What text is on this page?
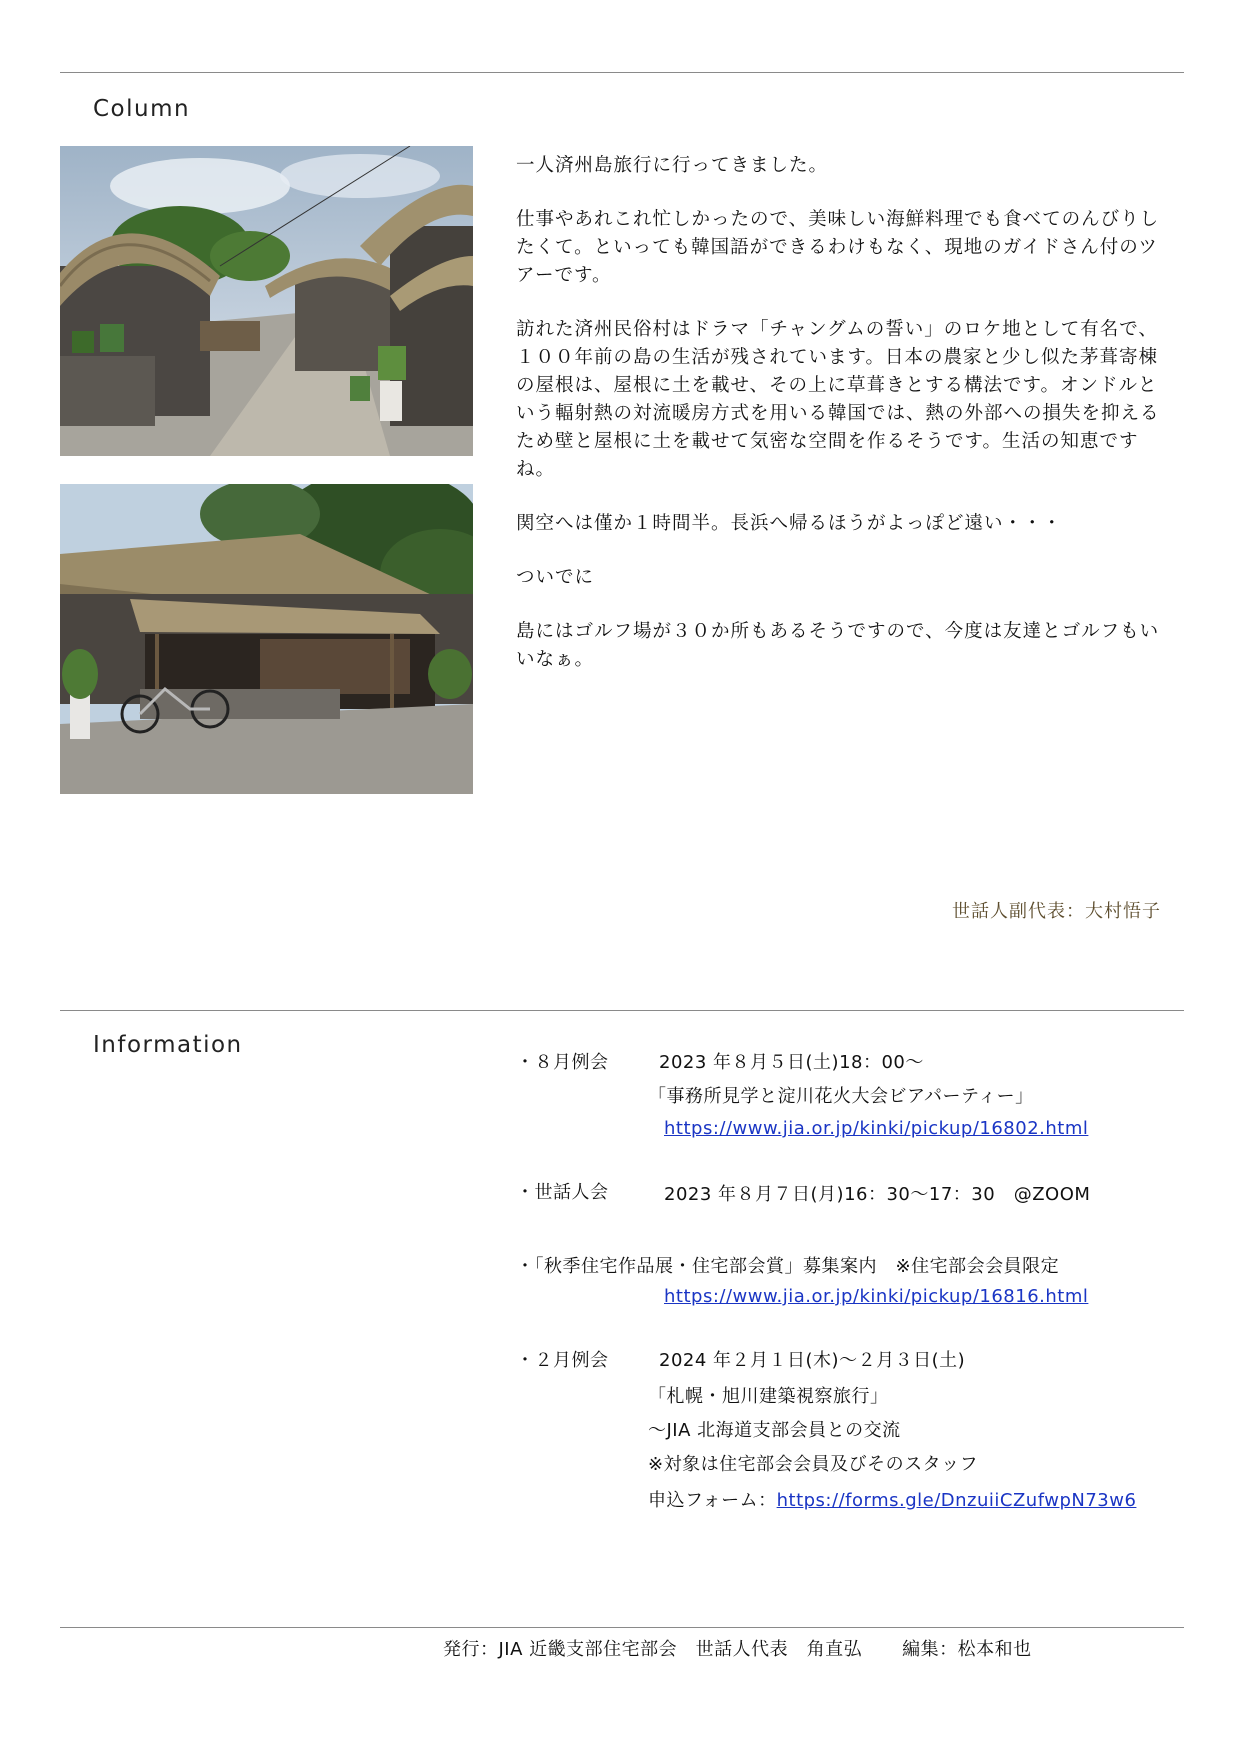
Column

一人済州島旅行に行ってきました。

仕事やあれこれ忙しかったので、美味しい海鮮料理でも食べてのんびりしたくて。といっても韓国語ができるわけもなく、現地のガイドさん付のツアーです。

訪れた済州民俗村はドラマ「チャングムの誓い」のロケ地として有名で、１００年前の島の生活が残されています。日本の農家と少し似た茅葺寄棟の屋根は、屋根に土を載せ、その上に草葺きとする構法です。オンドルという輻射熱の対流暖房方式を用いる韓国では、熱の外部への損失を抑えるため壁と屋根に土を載せて気密な空間を作るそうです。生活の知恵ですね。

関空へは僅か１時間半。長浜へ帰るほうがよっぽど遠い・・・

ついでに

島にはゴルフ場が３０か所もあるそうですので、今度は友達とゴルフもいいなぁ。

世話人副代表：大村悟子
Information
・８月例会	2023 年８月５日(土)18：00～
「事務所見学と淀川花火大会ビアパーティー」
https://www.jia.or.jp/kinki/pickup/16802.html
・世話人会	2023 年８月７日(月)16：30～17：30　@ZOOM
・「秋季住宅作品展・住宅部会賞」募集案内　※住宅部会会員限定
https://www.jia.or.jp/kinki/pickup/16816.html
・２月例会	2024 年２月１日(木)～２月３日(土)
「札幌・旭川建築視察旅行」
～JIA 北海道支部会員との交流
※対象は住宅部会会員及びそのスタッフ
申込フォーム：https://forms.gle/DnzuiiCZufwpN73w6
発行：JIA 近畿支部住宅部会　世話人代表　角直弘 編集：松本和也
